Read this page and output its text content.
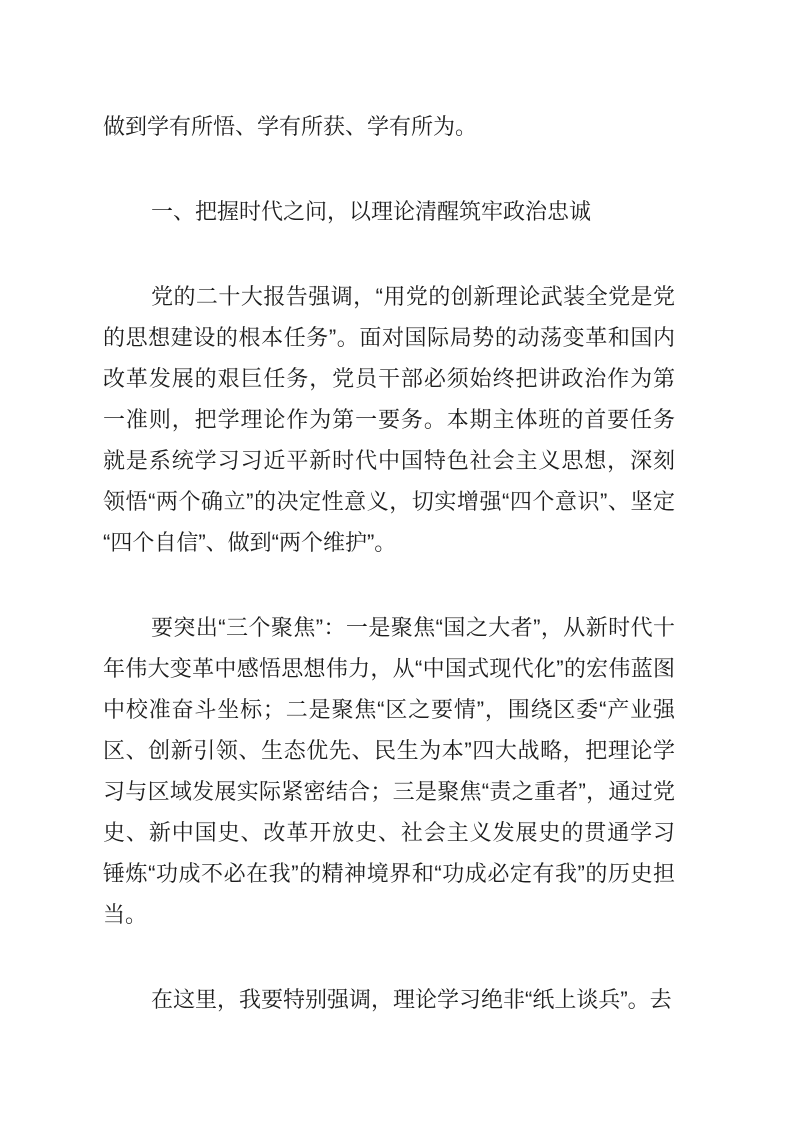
做到学有所悟、学有所获、学有所为。

一、把握时代之问，以理论清醒筑牢政治忠诚

党的二十大报告强调，“用党的创新理论武装全党是党
的思想建设的根本任务”。面对国际局势的动荡变革和国内
改革发展的艰巨任务，党员干部必须始终把讲政治作为第
一准则，把学理论作为第一要务。本期主体班的首要任务
就是系统学习习近平新时代中国特色社会主义思想，深刻
领悟“两个确立”的决定性意义，切实增强“四个意识”、坚定
“四个自信”、做到“两个维护”。

要突出“三个聚焦”：一是聚焦“国之大者”，从新时代十
年伟大变革中感悟思想伟力，从“中国式现代化”的宏伟蓝图
中校准奋斗坐标；二是聚焦“区之要情”，围绕区委“产业强
区、创新引领、生态优先、民生为本”四大战略，把理论学
习与区域发展实际紧密结合；三是聚焦“责之重者”，通过党
史、新中国史、改革开放史、社会主义发展史的贯通学习
锤炼“功成不必在我”的精神境界和“功成必定有我”的历史担
当。

在这里，我要特别强调，理论学习绝非“纸上谈兵”。去
